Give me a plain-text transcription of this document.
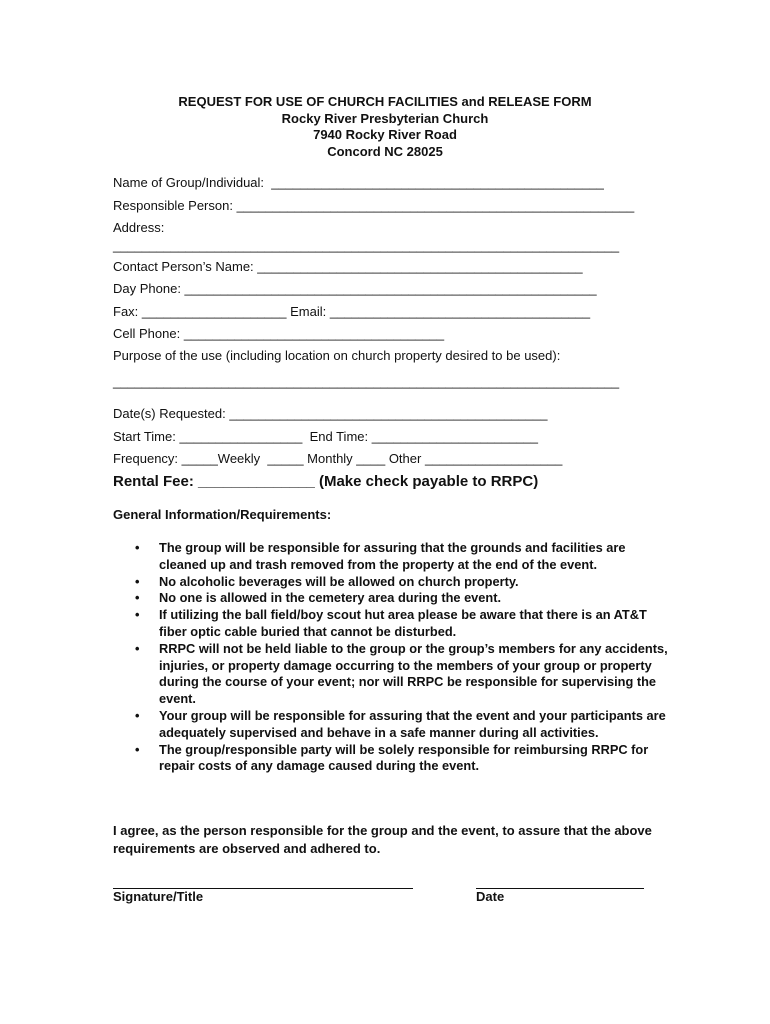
REQUEST FOR USE OF CHURCH FACILITIES and RELEASE FORM
Rocky River Presbyterian Church
7940 Rocky River Road
Concord NC 28025
Name of Group/Individual:  ______________________________________________
Responsible Person: _______________________________________________________
Address:
______________________________________________________________________
Contact Person’s Name: _____________________________________________
Day Phone: _________________________________________________________
Fax: ____________________ Email: ____________________________________
Cell Phone: ____________________________________
Purpose of the use (including location on church property desired to be used):
______________________________________________________________________
Date(s) Requested: ____________________________________________
Start Time: _________________  End Time: _______________________
Frequency: _____Weekly  _____ Monthly ____ Other ___________________
Rental Fee: ______________ (Make check payable to RRPC)
General Information/Requirements:
• The group will be responsible for assuring that the grounds and facilities are cleaned up and trash removed from the property at the end of the event.
• No alcoholic beverages will be allowed on church property.
• No one is allowed in the cemetery area during the event.
• If utilizing the ball field/boy scout hut area please be aware that there is an AT&T fiber optic cable buried that cannot be disturbed.
• RRPC will not be held liable to the group or the group’s members for any accidents, injuries, or property damage occurring to the members of your group or property during the course of your event; nor will RRPC be responsible for supervising the event.
• Your group will be responsible for assuring that the event and your participants are adequately supervised and behave in a safe manner during all activities.
• The group/responsible party will be solely responsible for reimbursing RRPC for repair costs of any damage caused during the event.
I agree, as the person responsible for the group and the event, to assure that the above requirements are observed and adhered to.
Signature/Title	Date
